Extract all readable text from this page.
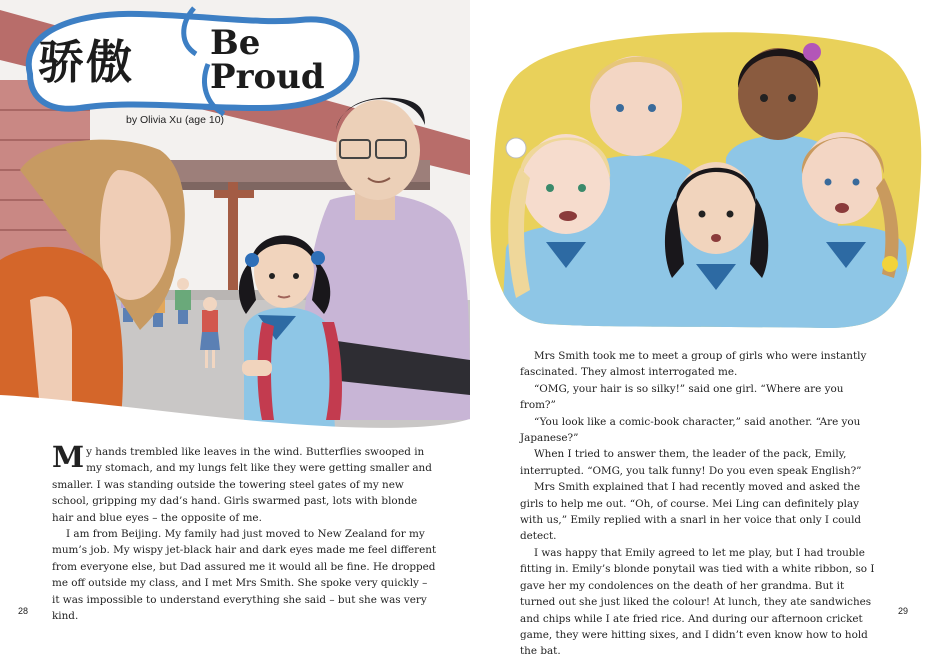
骄傲 Be
Proud
by Olivia Xu (age 10)

My hands trembled like leaves in the wind. Butterflies swooped in my stomach, and my lungs felt like they were getting smaller and smaller. I was standing outside the towering steel gates of my new school, gripping my dad’s hand. Girls swarmed past, lots with blonde hair and blue eyes – the opposite of me.

I am from Beijing. My family had just moved to New Zealand for my mum’s job. My wispy jet-black hair and dark eyes made me feel different from everyone else, but Dad assured me it would all be fine. He dropped me off outside my class, and I met Mrs Smith. She spoke very quickly – it was impossible to understand everything she said – but she was very kind.

Mrs Smith took me to meet a group of girls who were instantly fascinated. They almost interrogated me.

“OMG, your hair is so silky!” said one girl. “Where are you from?”

“You look like a comic-book character,” said another. “Are you Japanese?”

When I tried to answer them, the leader of the pack, Emily, interrupted. “OMG, you talk funny! Do you even speak English?”

Mrs Smith explained that I had recently moved and asked the girls to help me out. “Oh, of course. Mei Ling can definitely play with us,” Emily replied with a snarl in her voice that only I could detect.

I was happy that Emily agreed to let me play, but I had trouble fitting in. Emily’s blonde ponytail was tied with a white ribbon, so I gave her my condolences on the death of her grandma. But it turned out she just liked the colour! At lunch, they ate sandwiches and chips while I ate fried rice. And during our afternoon cricket game, they were hitting sixes, and I didn’t even know how to hold the bat.

28	29
